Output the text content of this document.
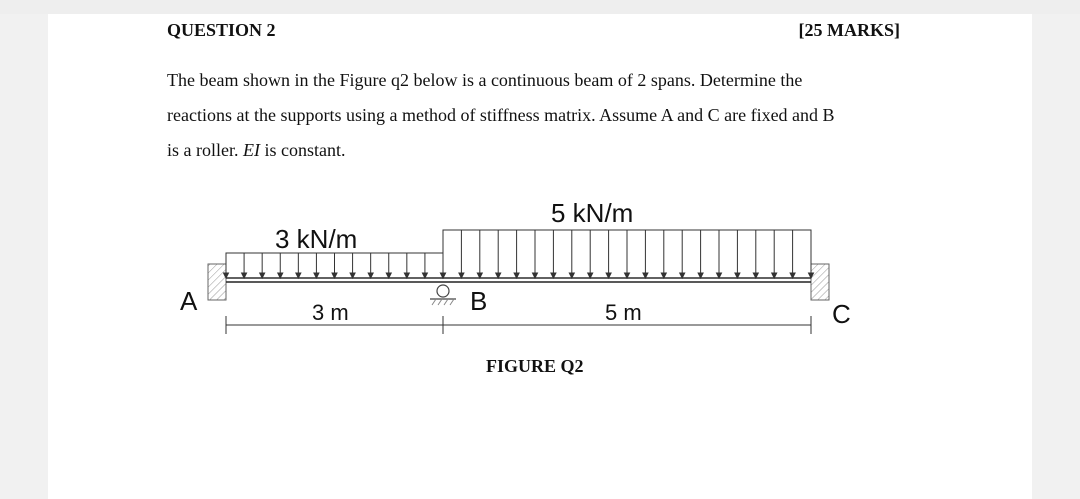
QUESTION 2	[25 MARKS]
The beam shown in the Figure q2 below is a continuous beam of 2 spans. Determine the
reactions at the supports using a method of stiffness matrix. Assume A and C are fixed and B
is a roller. EI is constant.
3 kN/m
5 kN/m
A	B	C
3 m	5 m
FIGURE Q2
